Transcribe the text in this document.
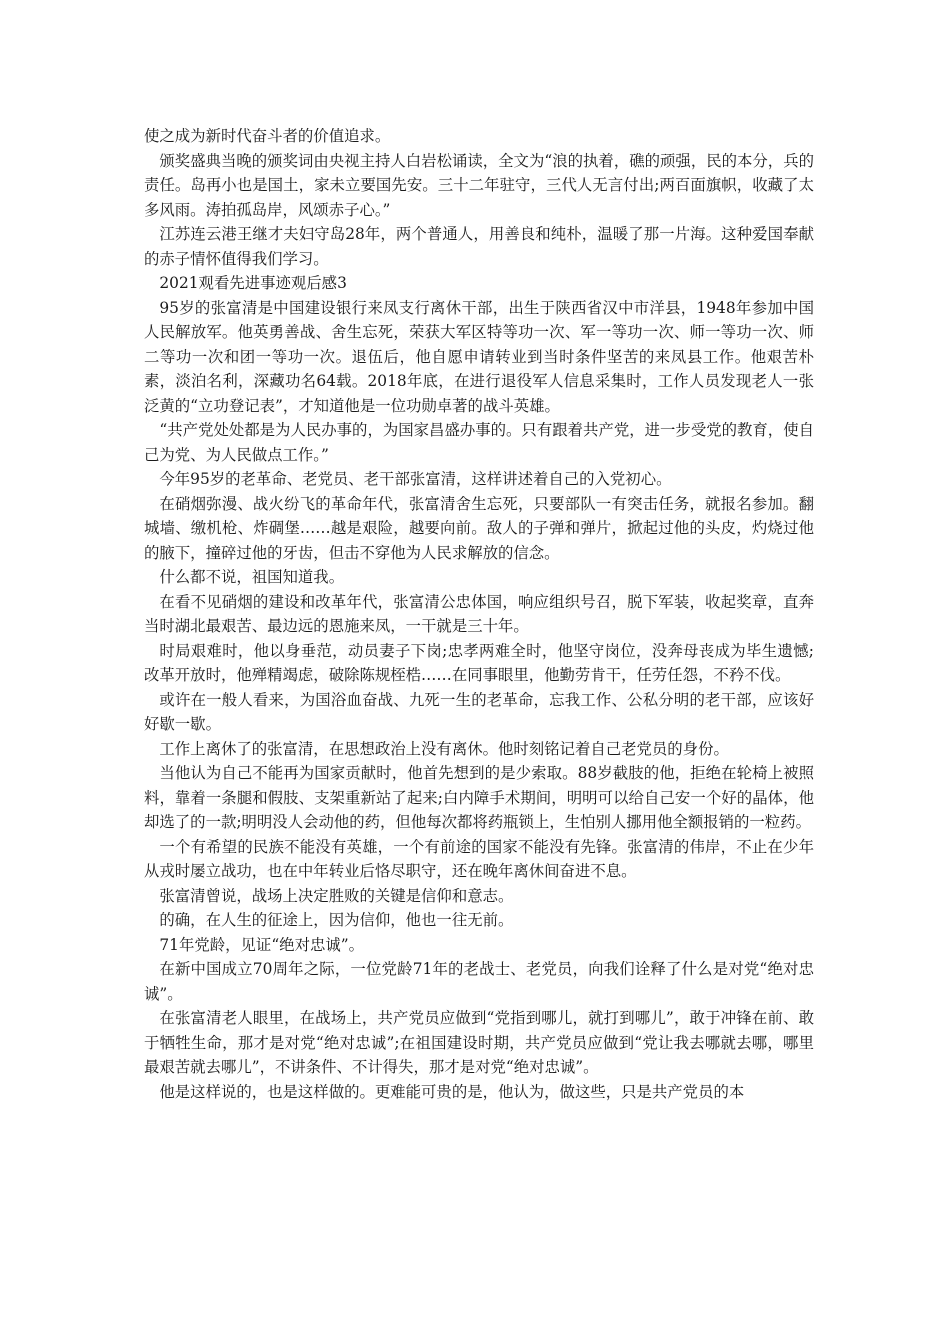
使之成为新时代奋斗者的价值追求。

颁奖盛典当晚的颁奖词由央视主持人白岩松诵读，全文为“浪的执着，礁的顽强，民的本分，兵的责任。岛再小也是国土，家未立要国先安。三十二年驻守，三代人无言付出;两百面旗帜，收藏了太多风雨。涛拍孤岛岸，风颂赤子心。”

江苏连云港王继才夫妇守岛28年，两个普通人，用善良和纯朴，温暖了那一片海。这种爱国奉献的赤子情怀值得我们学习。

2021观看先进事迹观后感3

95岁的张富清是中国建设银行来凤支行离休干部，出生于陕西省汉中市洋县，1948年参加中国人民解放军。他英勇善战、舍生忘死，荣获大军区特等功一次、军一等功一次、师一等功一次、师二等功一次和团一等功一次。退伍后，他自愿申请转业到当时条件坚苦的来凤县工作。他艰苦朴素，淡泊名利，深藏功名64载。2018年底，在进行退役军人信息采集时，工作人员发现老人一张泛黄的“立功登记表”，才知道他是一位功勋卓著的战斗英雄。

“共产党处处都是为人民办事的，为国家昌盛办事的。只有跟着共产党，进一步受党的教育，使自己为党、为人民做点工作。”

今年95岁的老革命、老党员、老干部张富清，这样讲述着自己的入党初心。

在硝烟弥漫、战火纷飞的革命年代，张富清舍生忘死，只要部队一有突击任务，就报名参加。翻城墙、缴机枪、炸碉堡……越是艰险，越要向前。敌人的子弹和弹片，掀起过他的头皮，灼烧过他的腋下，撞碎过他的牙齿，但击不穿他为人民求解放的信念。

什么都不说，祖国知道我。

在看不见硝烟的建设和改革年代，张富清公忠体国，响应组织号召，脱下军装，收起奖章，直奔当时湖北最艰苦、最边远的恩施来凤，一干就是三十年。

时局艰难时，他以身垂范，动员妻子下岗;忠孝两难全时，他坚守岗位，没奔母丧成为毕生遗憾;改革开放时，他殚精竭虑，破除陈规桎梏……在同事眼里，他勤劳肯干，任劳任怨，不矜不伐。

或许在一般人看来，为国浴血奋战、九死一生的老革命，忘我工作、公私分明的老干部，应该好好歇一歇。

工作上离休了的张富清，在思想政治上没有离休。他时刻铭记着自己老党员的身份。

当他认为自己不能再为国家贡献时，他首先想到的是少索取。88岁截肢的他，拒绝在轮椅上被照料，靠着一条腿和假肢、支架重新站了起来;白内障手术期间，明明可以给自己安一个好的晶体，他却选了的一款;明明没人会动他的药，但他每次都将药瓶锁上，生怕别人挪用他全额报销的一粒药。

一个有希望的民族不能没有英雄，一个有前途的国家不能没有先锋。张富清的伟岸，不止在少年从戎时屡立战功，也在中年转业后恪尽职守，还在晚年离休间奋进不息。

张富清曾说，战场上决定胜败的关键是信仰和意志。

的确，在人生的征途上，因为信仰，他也一往无前。

71年党龄，见证“绝对忠诚”。

在新中国成立70周年之际，一位党龄71年的老战士、老党员，向我们诠释了什么是对党“绝对忠诚”。

在张富清老人眼里，在战场上，共产党员应做到“党指到哪儿，就打到哪儿”，敢于冲锋在前、敢于牺牲生命，那才是对党“绝对忠诚”;在祖国建设时期，共产党员应做到“党让我去哪就去哪，哪里最艰苦就去哪儿”，不讲条件、不计得失，那才是对党“绝对忠诚”。

他是这样说的，也是这样做的。更难能可贵的是，他认为，做这些，只是共产党员的本
